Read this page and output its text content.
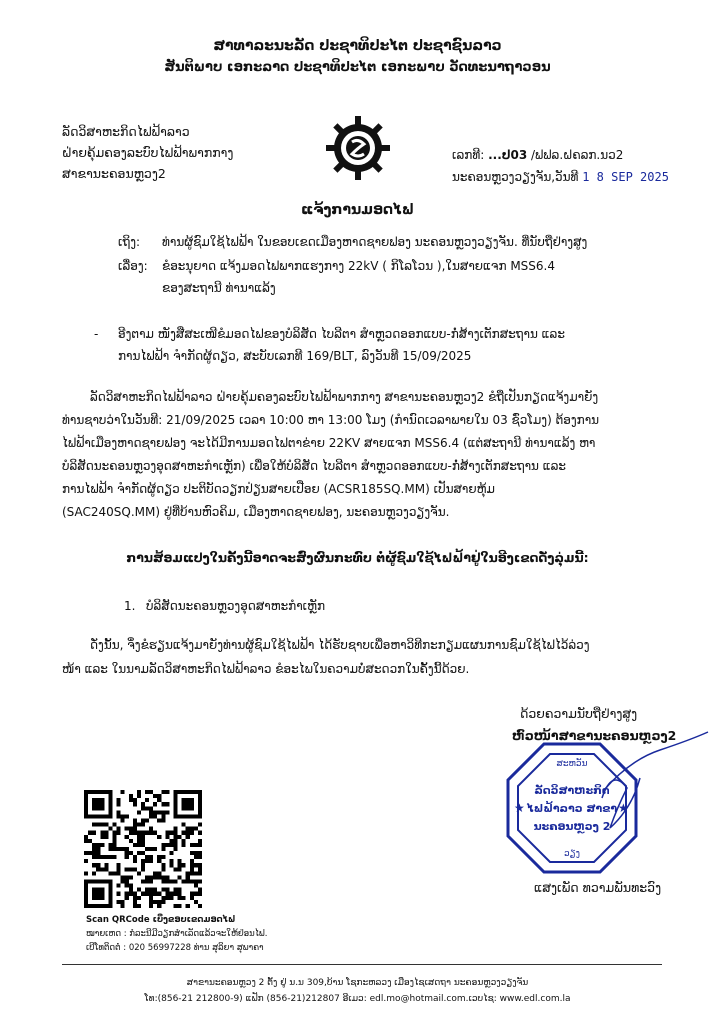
ສາທາລະນະລັດ ປະຊາທິປະໄຕ ປະຊາຊົນລາວ
ສັນຕິພາບ ເອກະລາດ ປະຊາທິປະໄຕ ເອກະພາບ ວັດທະນາຖາວອນ
ລັດວິສາຫະກິດໄຟຟ້າລາວ
ຝ່າຍຄຸ້ມຄອງລະບົບໄຟຟ້າພາກກາງ
ສາຂານະຄອນຫຼວງ2
ເລກທີ: ...ປ03 /ຟຟລ.ຝຄລກ.ນວ2
ນະຄອນຫຼວງວຽງຈັນ,ວັນທີ 1 8 SEP 2025
ແຈ້ງການມອດໄຟ
ເຖິງ: ທ່ານຜູ້ຊົມໃຊ້ໄຟຟ້າ ໃນຂອບເຂດເມືອງຫາດຊາຍຟອງ ນະຄອນຫຼວງວຽງຈັນ. ທີ່ນັບຖືຢ່າງສູງ
ເລື່ອງ: ຂໍອະນຸຍາດ ແຈ້ງມອດໄຟພາກແຮງກາງ 22kV ( ກິໂລໂວນ ),ໃນສາຍແຈກ MSS6.4
ຂອງສະຖານີ ທ່ານາແລ້ງ
- ອີງຕາມ ໜັງສືສະເໜີຂໍມອດໄຟຂອງບໍລິສັດ ໄບລີຕາ ສຳຫຼວດອອກແບບ-ກໍ່ສ້າງເຕັກສະຖານ ແລະ
ການໄຟຟ້າ ຈຳກັດຜູ້ດຽວ, ສະບັບເລກທີ 169/BLT, ລົງວັນທີ 15/09/2025
ລັດວິສາຫະກິດໄຟຟ້າລາວ ຝ່າຍຄຸ້ມຄອງລະບົບໄຟຟ້າພາກກາງ ສາຂານະຄອນຫຼວງ2 ຂໍຖືເປັນກຽດແຈ້ງມາຍັງ
ທ່ານຊາບວ່າໃນວັນທີ: 21/09/2025 ເວລາ 10:00 ຫາ 13:00 ໂມງ (ກຳນົດເວລາພາຍໃນ 03 ຊົ່ວໂມງ) ຕ້ອງການ
ໄຟຟ້າເມືອງຫາດຊາຍຟອງ ຈະໄດ້ມີການມອດໄຟຕາຂ່າຍ 22KV ສາຍແຈກ MSS6.4 (ແຕ່ສະຖານີ ທ່ານາແລ້ງ ຫາ
ບໍລິສັດນະຄອນຫຼວງອຸດສາຫະກຳເຫຼັກ) ເພື່ອໃຫ້ບໍລິສັດ ໄບລີຕາ ສຳຫຼວດອອກແບບ-ກໍ່ສ້າງເຕັກສະຖານ ແລະ
ການໄຟຟ້າ ຈຳກັດຜູ້ດຽວ ປະຕິບັດວຽກປ່ຽນສາຍເປືອຍ (ACSR185SQ.MM) ເປັນສາຍຫຸ້ມ
(SAC240SQ.MM) ຢູ່ທີ່ບ້ານຫົວຄິມ, ເມືອງຫາດຊາຍຟອງ, ນະຄອນຫຼວງວຽງຈັນ.
ການສ້ອມແປງໃນຄັ້ງນີ້ອາດຈະສົ່ງຜົນກະທົບ ຕໍ່ຜູ້ຊົມໃຊ້ໄຟຟ້າຢູ່ໃນອີງເຂດດັ່ງລຸ່ມນີ້:
1. ບໍລິສັດນະຄອນຫຼວງອຸດສາຫະກຳເຫຼັກ
ດັ່ງນັ້ນ, ຈຶ່ງຂໍຮຽນແຈ້ງມາຍັງທ່ານຜູ້ຊົມໃຊ້ໄຟຟ້າ ໄດ້ຮັບຊາບເພື່ອຫາວິທີກະກຽມແຜນການຊົມໃຊ້ໄຟໄວ້ລ່ວງ
ໜ້າ ແລະ ໃນນາມລັດວິສາຫະກິດໄຟຟ້າລາວ ຂໍອະໄພໃນຄວາມບໍ່ສະດວກໃນຄັ້ງນີ້ດ້ວຍ.
ດ້ວຍຄວາມນັບຖືຢ່າງສູງ
ຫົວໜ້າສາຂານະຄອນຫຼວງ2
★	★
ສະຫວັນ
ລັດວິສາຫະກິດ
ໄຟຟ້າລາວ ສາຂາ
ນະຄອນຫຼວງ 2
ວຽງ
ແສງເພັດ ທວາມພັນທະວົງ
Scan QRCode ເບິ່ງຂອບເຂດມອດໄຟ
ໝາຍເຫດ : ກໍລະນີມີວຽກສຳເລັດແລ້ວຈະໃຫ້ຢ່ອນໄຟ.
ເບີໂທຕິດຕໍ່ : 020 56997228 ທ່ານ ສຸລິຍາ ສຸພາຄາ
ສາຂານະຄອນຫຼວງ 2 ຕັ້ງ ຢູ່ ນ.ນ 309,ບ້ານ ໂຊກະຫລວງ ເມືອງໄຊເສດຖາ ນະຄອນຫຼວງວຽງຈັນ
ໂທ:(856-21 212800-9) ແຟັກ (856-21)212807 ອີເມວ: edl.mo@hotmail.com.ເວບໄຊ: www.edl.com.la
